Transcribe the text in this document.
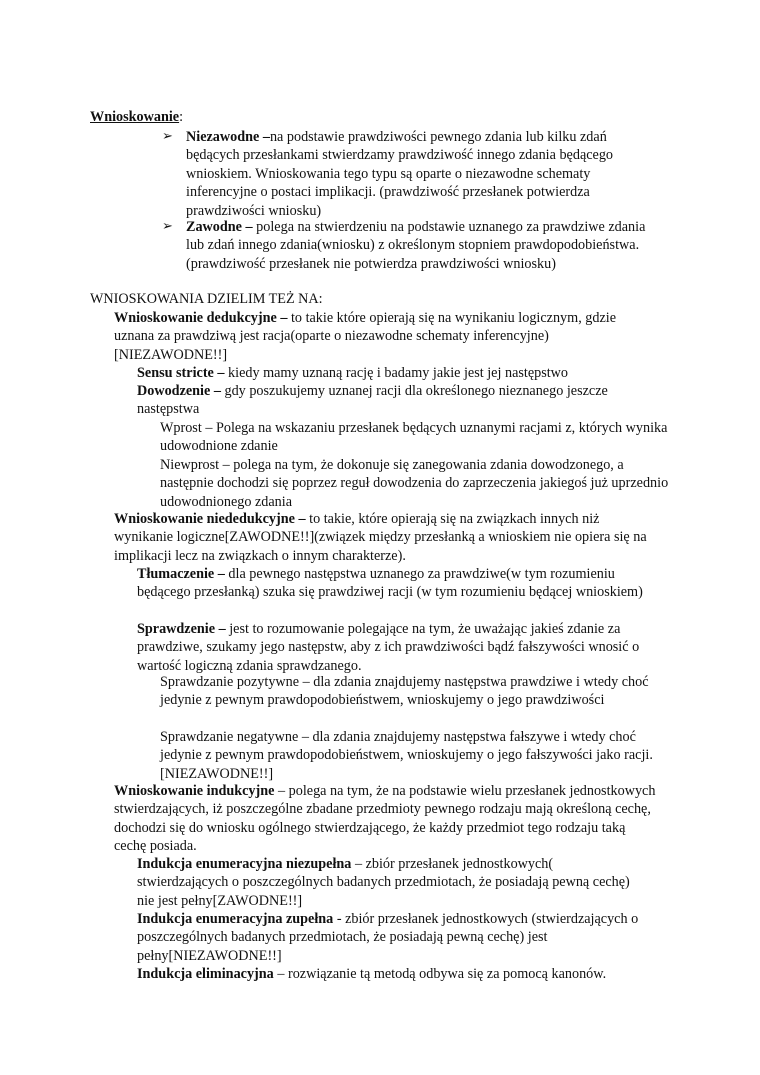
Wnioskowanie:
➢ Niezawodne –na podstawie prawdziwości pewnego zdania lub kilku zdań będących przesłankami stwierdzamy prawdziwość innego zdania będącego wnioskiem. Wnioskowania tego typu są oparte o niezawodne schematy inferencyjne o postaci implikacji. (prawdziwość przesłanek potwierdza prawdziwości wniosku)
➢ Zawodne – polega na stwierdzeniu na podstawie uznanego za prawdziwe zdania lub zdań innego zdania(wniosku) z określonym stopniem prawdopodobieństwa. (prawdziwość przesłanek nie potwierdza prawdziwości wniosku)
WNIOSKOWANIA DZIELIM TEŻ NA:
Wnioskowanie dedukcyjne – to takie które opierają się na wynikaniu logicznym, gdzie uznana za prawdziwą jest racja(oparte o niezawodne schematy inferencyjne) [NIEZAWODNE!!]
Sensu stricte – kiedy mamy uznaną rację i badamy jakie jest jej następstwo
Dowodzenie – gdy poszukujemy uznanej racji dla określonego nieznanego jeszcze następstwa
Wprost – Polega na wskazaniu przesłanek będących uznanymi racjami z, których wynika udowodnione zdanie
Niewprost – polega na tym, że dokonuje się zanegowania zdania dowodzonego, a następnie dochodzi się poprzez reguł dowodzenia do zaprzeczenia jakiegoś już uprzednio udowodnionego zdania
Wnioskowanie niededukcyjne – to takie, które opierają się na związkach innych niż wynikanie logiczne[ZAWODNE!!](związek między przesłanką a wnioskiem nie opiera się na implikacji lecz na związkach o innym charakterze).
Tłumaczenie – dla pewnego następstwa uznanego za prawdziwe(w tym rozumieniu będącego przesłanką) szuka się prawdziwej racji (w tym rozumieniu będącej wnioskiem)
Sprawdzenie – jest to rozumowanie polegające na tym, że uważając jakieś zdanie za prawdziwe, szukamy jego następstw, aby z ich prawdziwości bądź fałszywości wnosić o wartość logiczną zdania sprawdzanego.
Sprawdzanie pozytywne – dla zdania znajdujemy następstwa prawdziwe i wtedy choć jedynie z pewnym prawdopodobieństwem, wnioskujemy o jego prawdziwości
Sprawdzanie negatywne – dla zdania znajdujemy następstwa fałszywe i wtedy choć jedynie z pewnym prawdopodobieństwem, wnioskujemy o jego fałszywości jako racji.[NIEZAWODNE!!]
Wnioskowanie indukcyjne – polega na tym, że na podstawie wielu przesłanek jednostkowych stwierdzających, iż poszczególne zbadane przedmioty pewnego rodzaju mają określoną cechę, dochodzi się do wniosku ogólnego stwierdzającego, że każdy przedmiot tego rodzaju taką cechę posiada.
Indukcja enumeracyjna niezupełna – zbiór przesłanek jednostkowych( stwierdzających o poszczególnych badanych przedmiotach, że posiadają pewną cechę) nie jest pełny[ZAWODNE!!]
Indukcja enumeracyjna zupełna - zbiór przesłanek jednostkowych (stwierdzających o poszczególnych badanych przedmiotach, że posiadają pewną cechę) jest pełny[NIEZAWODNE!!]
Indukcja eliminacyjna – rozwiązanie tą metodą odbywa się za pomocą kanonów.
